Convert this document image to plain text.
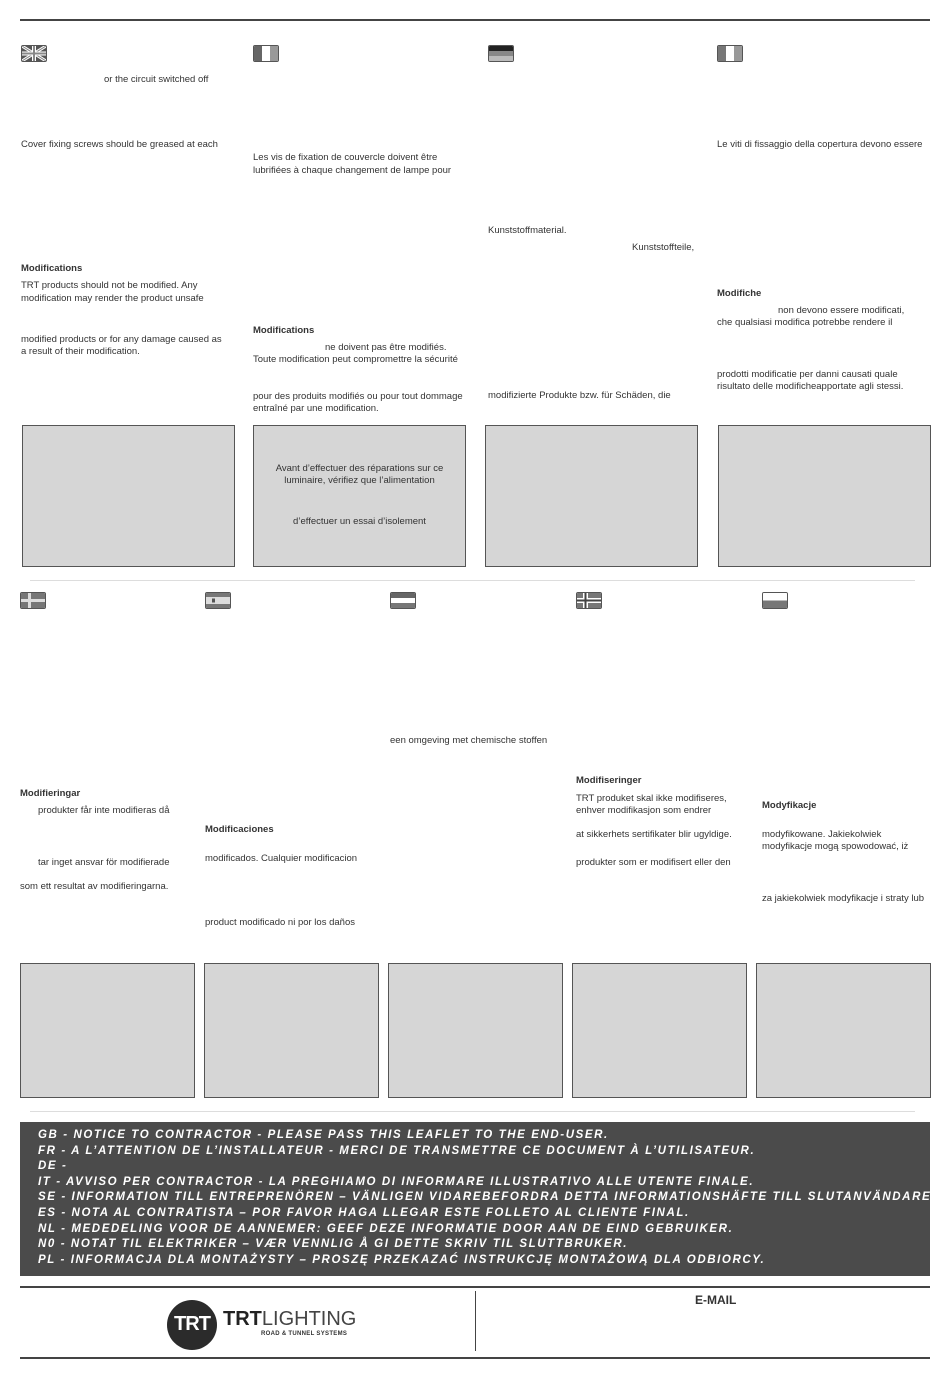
or the circuit switched off
Cover fixing screws should be greased at each
Modifications
TRT products should not be modified. Any
modification may render the product unsafe
modified products or for any damage caused as
a result of their modification.
Les vis de fixation de couvercle doivent être
lubrifiées à chaque changement de lampe pour
Modifications
ne doivent pas être modifiés.
Toute modification peut compromettre la sécurité
pour des produits modifiés ou pour tout dommage
entraîné par une modification.
Kunststoffmaterial.
Kunststoffteile,
modifizierte Produkte bzw. für Schäden, die
Le viti di fissaggio della copertura devono essere
Modifiche
non devono essere modificati,
che qualsiasi modifica potrebbe rendere il
prodotti modificatie per danni causati quale
risultato delle modificheapportate agli stessi.
Avant d’effectuer des réparations sur ce
luminaire, vérifiez que l’alimentation
d’effectuer un essai d’isolement
Modifieringar
produkter får inte modifieras då
tar inget ansvar för modifierade
som ett resultat av modifieringarna.
Modificaciones
modificados. Cualquier modificacion
product modificado ni por los daños
een omgeving met chemische stoffen
Modifiseringer
TRT produket skal ikke modifiseres,
enhver modifikasjon som endrer
at sikkerhets sertifikater blir ugyldige.
produkter som er modifisert eller den
Modyfikacje
modyfikowane. Jakiekolwiek
modyfikacje mogą spowodować, iż
za jakiekolwiek modyfikacje i straty lub
GB - NOTICE TO CONTRACTOR - PLEASE PASS THIS LEAFLET TO THE END-USER.
FR - A L’ATTENTION DE L’INSTALLATEUR - MERCI DE TRANSMETTRE CE DOCUMENT À L’UTILISATEUR.
DE -
IT - AVVISO PER CONTRACTOR - LA PREGHIAMO DI INFORMARE ILLUSTRATIVO ALLE UTENTE FINALE.
SE - INFORMATION TILL ENTREPRENÖREN – VÄNLIGEN VIDAREBEFORDRA DETTA INFORMATIONSHÄFTE TILL SLUTANVÄNDAREN.
ES - NOTA AL CONTRATISTA – POR FAVOR HAGA LLEGAR ESTE FOLLETO AL CLIENTE FINAL.
NL - MEDEDELING VOOR DE AANNEMER: GEEF DEZE INFORMATIE DOOR AAN DE EIND GEBRUIKER.
N0 - NOTAT TIL ELEKTRIKER – VÆR VENNLIG Å GI DETTE SKRIV TIL SLUTTBRUKER.
PL - INFORMACJA DLA MONTAŻYSTY – PROSZĘ PRZEKAZAĆ INSTRUKCJĘ MONTAŻOWĄ DLA ODBIORCY.
TRT TRTLIGHTING
ROAD & TUNNEL SYSTEMS
E-MAIL
